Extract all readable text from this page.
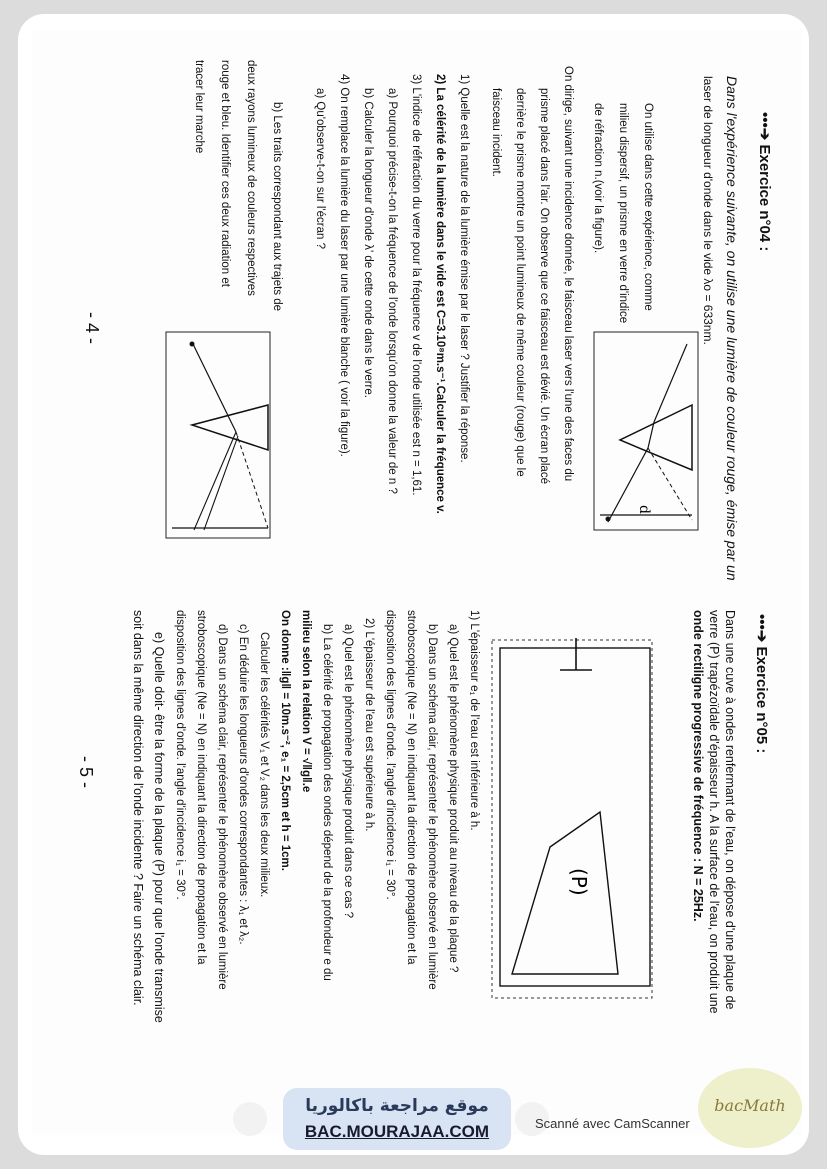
•••➔ Exercice n°04 :
Dans l'expérience suivante, on utilise une lumière de couleur rouge, émise par un
laser de longueur d'onde dans le vide λo = 633nm.
On utilise dans cette expérience, comme
milieu dispersif, un prisme en verre d'indice
de réfraction n.(voir la figure).
On dirige, suivant une incidence donnée, le faisceau laser vers l'une des faces du
prisme placé dans l'air. On observe que ce faisceau est dévié. Un écran placé
derrière le prisme montre un point lumineux de même couleur (rouge) que le
faisceau incident.
1) Quelle est la nature de la lumière émise par le laser ? Justifier la réponse.
2) La célérité de la lumière dans le vide est C=3.10⁸m.s⁻¹.Calculer la fréquence v.
3) L'indice de réfraction du verre pour la fréquence v de l'onde utilisée est n = 1,61.
a) Pourquoi précise-t-on la fréquence de l'onde lorsqu'on donne la valeur de n ?
b) Calculer la longueur d'onde λ' de cette onde dans le verre.
4) On remplace la lumière du laser par une lumière blanche ( voir la figure).
a) Qu'observe-t-on sur l'écran ?
b) Les traits correspondant aux trajets de
deux rayons lumineux de couleurs respectives
rouge et bleu. Identifier ces deux radiation et
tracer leur marche
- 4 -
d
•••➔ Exercice n°05 :
Dans une cuve à ondes renfermant de l'eau, on dépose d'une plaque de
verre (P) trapézoïdale d'épaisseur h. A la surface de l'eau, on produit une
onde rectiligne progressive de fréquence : N = 25Hz.
(P)
1) L'épaisseur e₁ de l'eau est inférieure à h.
a) Quel est le phénomène physique produit au niveau de la plaque ?
b) Dans un schéma clair, représenter le phénomène observé en lumière
stroboscopique (Ne = N) en indiquant la direction de propagation et la
disposition des lignes d'onde. l'angle d'incidence i₁ = 30°.
2) L'épaisseur de l'eau est supérieure à h.
a) Quel est le phénomène physique produit dans ce cas ?
b) La célérité de propagation des ondes dépend de la profondeur e du
milieu selon la relation V = √‖g‖.e
On donne :‖g‖ = 10m.s⁻², e₁ = 2,5cm et h = 1cm.
Calculer les célérités V₁ et V₂ dans les deux milieux.
c) En déduire les longueurs d'ondes correspondantes : λ₁ et λ₂.
d) Dans un schéma clair, représenter le phénomène observé en lumière
stroboscopique (Ne = N) en indiquant la direction de propagation et la
disposition des lignes d'onde. l'angle d'incidence i₁ = 30°.
e) Quelle doit- être la forme de la plaque (P) pour que l'onde transmise
soit dans la même direction de l'onde incidente ? Faire un schéma clair.
- 5 -
موقع مراجعة باكالوريا
BAC.MOURAJAA.COM	Scanné avec CamScanner
bacMath
